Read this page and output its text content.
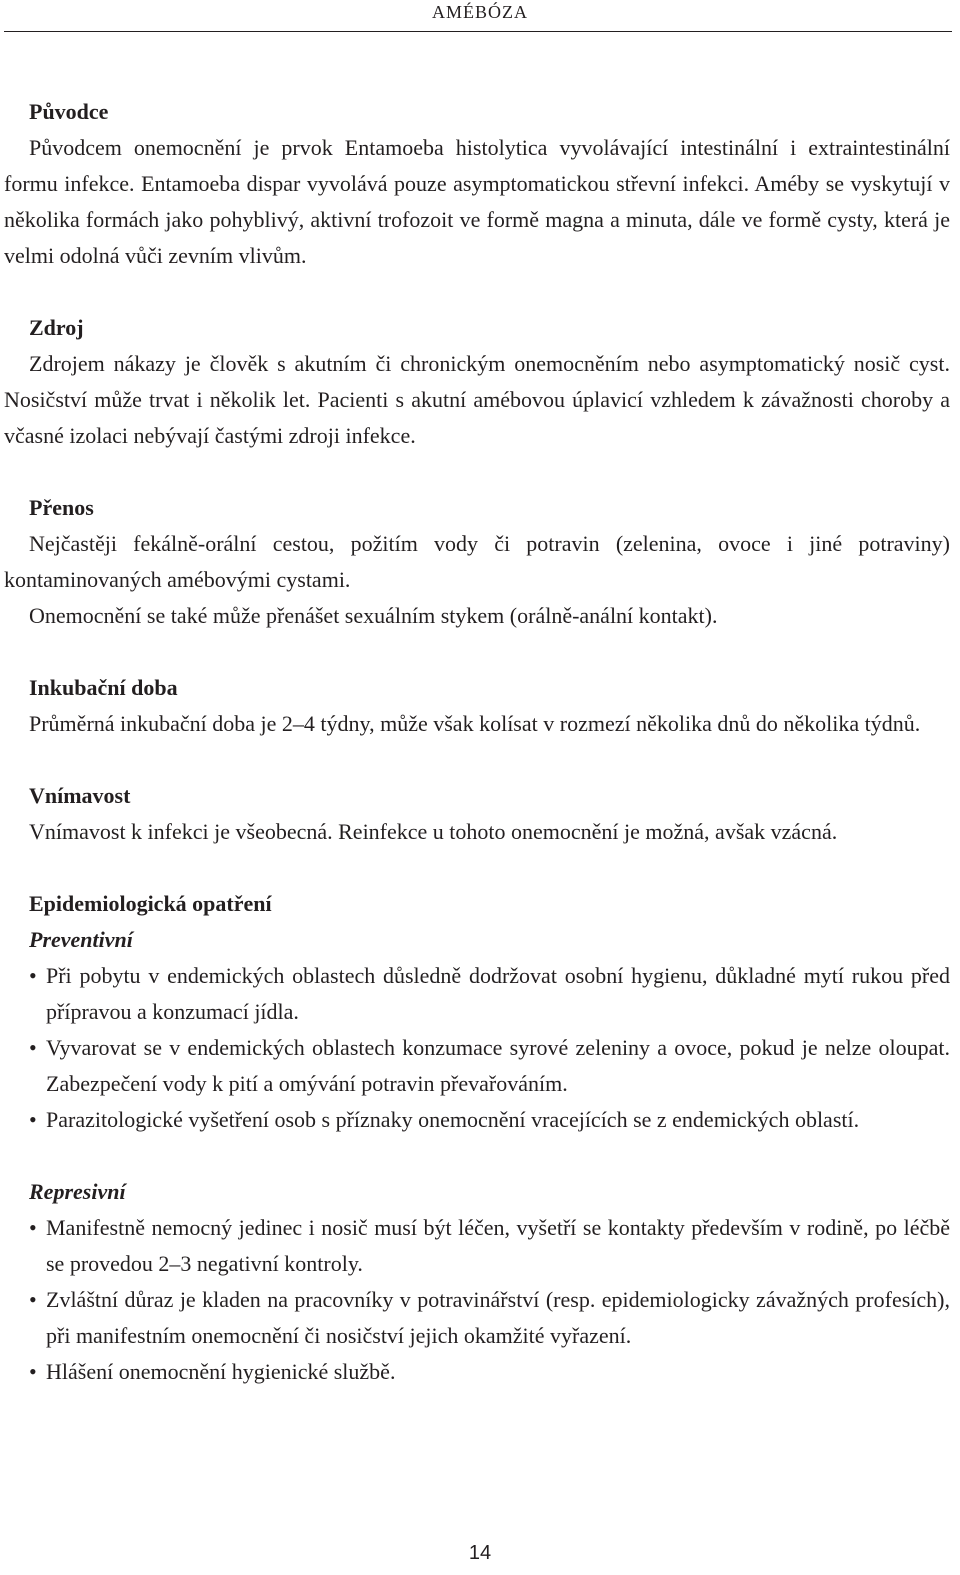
AMÉBÓZA
Původce

Původcem onemocnění je prvok Entamoeba histolytica vyvolávající intestinální i extraintestinální formu infekce. Entamoeba dispar vyvolává pouze asymptomatickou střevní infekci. Améby se vyskytují v několika formách jako pohyblivý, aktivní trofozoit ve formě magna a minuta, dále ve formě cysty, která je velmi odolná vůči zevním vlivům.

Zdroj

Zdrojem nákazy je člověk s akutním či chronickým onemocněním nebo asymptomatický nosič cyst. Nosičství může trvat i několik let. Pacienti s akutní amébovou úplavicí vzhledem k závažnosti choroby a včasné izolaci nebývají častými zdroji infekce.

Přenos

Nejčastěji fekálně-orální cestou, požitím vody či potravin (zelenina, ovoce i jiné potraviny) kontaminovaných amébovými cystami.

Onemocnění se také může přenášet sexuálním stykem (orálně-anální kontakt).

Inkubační doba

Průměrná inkubační doba je 2–4 týdny, může však kolísat v rozmezí několika dnů do několika týdnů.

Vnímavost

Vnímavost k infekci je všeobecná. Reinfekce u tohoto onemocnění je možná, avšak vzácná.

Epidemiologická opatření
Preventivní
• Při pobytu v endemických oblastech důsledně dodržovat osobní hygienu, důkladné mytí rukou před přípravou a konzumací jídla.
• Vyvarovat se v endemických oblastech konzumace syrové zeleniny a ovoce, pokud je nelze oloupat. Zabezpečení vody k pití a omývání potravin převařováním.
• Parazitologické vyšetření osob s příznaky onemocnění vracejících se z endemických oblastí.
Represivní
• Manifestně nemocný jedinec i nosič musí být léčen, vyšetří se kontakty především v rodině, po léčbě se provedou 2–3 negativní kontroly.
• Zvláštní důraz je kladen na pracovníky v potravinářství (resp. epidemiologicky závažných profesích), při manifestním onemocnění či nosičství jejich okamžité vyřazení.
• Hlášení onemocnění hygienické službě.
14
